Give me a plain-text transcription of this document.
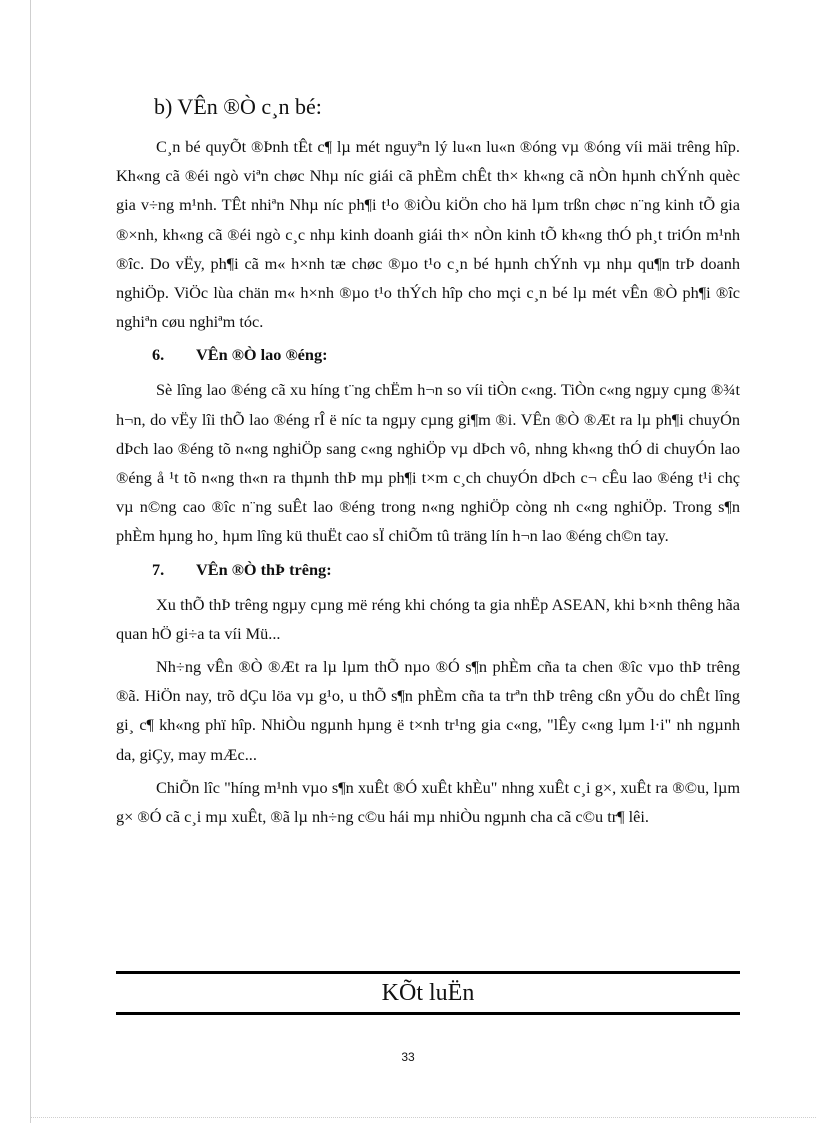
b) VÊn ®Ò c¸n bé:

C¸n bé quyÕt ®Þnh tÊt c¶ lµ mét nguyªn lý lu«n lu«n ®óng vµ ®óng víi mäi trêng hîp. Kh«ng cã ®éi ngò viªn chøc Nhµ níc giái cã phÈm chÊt th× kh«ng cã nÒn hµnh chÝnh quèc gia v÷ng m¹nh. TÊt nhiªn Nhµ níc ph¶i t¹o ®iÒu kiÖn cho hä lµm trßn chøc n¨ng kinh tÕ gia ®×nh, kh«ng cã ®éi ngò c¸c nhµ kinh doanh giái th× nÒn kinh tÕ kh«ng thÓ ph¸t triÓn m¹nh ®îc. Do vËy, ph¶i cã m« h×nh tæ chøc ®µo t¹o c¸n bé hµnh chÝnh vµ nhµ qu¶n trÞ doanh nghiÖp. ViÖc lùa chän m« h×nh ®µo t¹o thÝch hîp cho mçi c¸n bé lµ mét vÊn ®Ò ph¶i ®îc nghiªn cøu nghiªm tóc.

6. VÊn ®Ò lao ®éng:

Sè lîng lao ®éng cã xu híng t¨ng chËm h¬n so víi tiÒn c«ng. TiÒn c«ng ngµy cµng ®¾t h¬n, do vËy lîi thÕ lao ®éng rÎ ë níc ta ngµy cµng gi¶m ®i. VÊn ®Ò ®Æt ra lµ ph¶i chuyÓn dÞch lao ®éng tõ n«ng nghiÖp sang c«ng nghiÖp vµ dÞch vô, nhng kh«ng thÓ di chuyÓn lao ®éng å ¹t tõ n«ng th«n ra thµnh thÞ mµ ph¶i t×m c¸ch chuyÓn dÞch c¬ cÊu lao ®éng t¹i chç vµ n©ng cao ®îc n¨ng suÊt lao ®éng trong n«ng nghiÖp còng nh c«ng nghiÖp. Trong s¶n phÈm hµng ho¸ hµm lîng kü thuËt cao sÏ chiÕm tû träng lín h¬n lao ®éng ch©n tay.

7. VÊn ®Ò thÞ trêng:

Xu thÕ thÞ trêng ngµy cµng më réng khi chóng ta gia nhËp ASEAN, khi b×nh thêng hãa quan hÖ gi÷a ta víi Mü...

Nh÷ng vÊn ®Ò ®Æt ra lµ lµm thÕ nµo ®Ó s¶n phÈm cña ta chen ®îc vµo thÞ trêng ®ã. HiÖn nay, trõ dÇu löa vµ g¹o, u thÕ s¶n phÈm cña ta trªn thÞ trêng cßn yÕu do chÊt lîng gi¸ c¶ kh«ng phï hîp. NhiÒu ngµnh hµng ë t×nh tr¹ng gia c«ng, "lÊy c«ng lµm l·i" nh ngµnh da, giÇy, may mÆc...

ChiÕn lîc "híng m¹nh vµo s¶n xuÊt ®Ó xuÊt khÈu" nhng xuÊt c¸i g×, xuÊt ra ®©u, lµm g× ®Ó cã c¸i mµ xuÊt, ®ã lµ nh÷ng c©u hái mµ nhiÒu ngµnh cha cã c©u tr¶ lêi.

KÕt luËn
33
